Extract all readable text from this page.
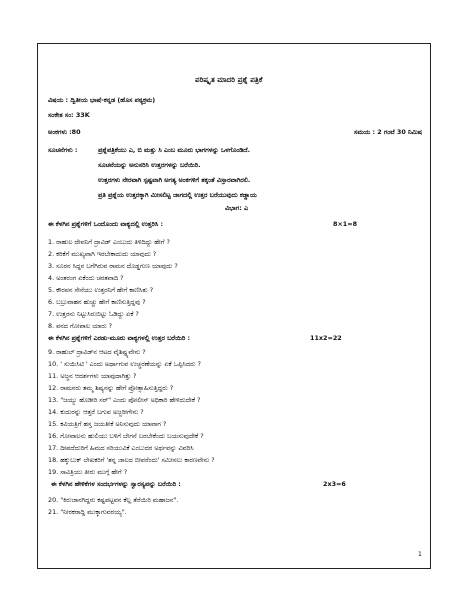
ಪರಿಷ್ಕೃತ ಮಾದರಿ ಪ್ರಶ್ನೆ ಪತ್ರಿಕೆ
ವಿಷಯ : ದ್ವಿತೀಯ ಭಾಷೆ-ಕನ್ನಡ (ಹೊಸ ಪಠ್ಯಕ್ರಮ)
ಸಂಕೇತ ಸಂ: 33K
ಅಂಕಗಳು :80	ಸಮಯ : 2 ಗಂಟೆ 30 ನಿಮಿಷ
ಸೂಚನೆಗಳು :	ಪ್ರಶ್ನೆಪತ್ರಿಕೆಯು ಎ, ಬಿ ಮತ್ತು ಸಿ ಎಂಬ ಮೂರು ಭಾಗಗಳನ್ನು ಒಳಗೊಂಡಿದೆ.
ಸೂಚನೆಯನ್ನು ಅನುಸರಿಸಿ ಉತ್ತರಗಳನ್ನು ಬರೆಯಿರಿ.
ಉತ್ತರಗಳು ನೇರವಾಗಿ ಸ್ಪಷ್ಟವಾಗಿ ಅಗತ್ಯ ಅಂಕಗಳಿಗೆ ತಕ್ಕಂತೆ ವಿಸ್ತಾರವಾಗಿರಲಿ.
ಪ್ರತಿ ಪ್ರಶ್ನೆಯ ಉತ್ತರಕ್ಕಾಗಿ ಮೀಸಲಿಟ್ಟ ಜಾಗದಲ್ಲಿ ಉತ್ತರ ಬರೆಯುವುದು ಕಡ್ಡಾಯ
ವಿಭಾಗ: ಎ
ಈ ಕೆಳಗಿನ ಪ್ರಶ್ನೆಗಳಿಗೆ ಒಂದೊಂದು ವಾಕ್ಯದಲ್ಲಿ ಉತ್ತರಿಸಿ :	8×1=8
1. ರಾಹುಲ ದೇವನಿಗೆ ದ್ರಾವಿಡ್ ಎಂಬುದು ತಿಳಿದಿದ್ದು ಹೇಗೆ ?
2. ಕರಿಕೆಗೆ ಮುಖ್ಯವಾಗಿ ಇರಬೇಕಾದುದು ಯಾವುದು ?
3. ಸೂರನ ಸಿದ್ಧನ ಬಗೆಗಿರುವ ರಾಮನ ದೊಡ್ಡಗುಣ ಯಾವುದು ?
4. ಅಂತರಂಗ ಏಕೆಂದು ಚರತವಾದಿ ?
5. ಕೌರವನ ಸೇನೆಯು ಉತ್ತರನಿಗೆ ಹೇಗೆ ಕಾಣಿಸಿತು ?
6. ಬಬ್ರುವಾಹನ ಹುಚ್ಚು ಹೇಗೆ ಕಾಣಿಸುತ್ತಿದ್ದವು ?
7. ಉತ್ತರನು ನಿಟ್ಟುಸಿರುಬಿಟ್ಟು ಓಡಿದ್ದು ಏಕೆ ?
8. ವನದ ಗೋಪಾಲ ಯಾರು ?
ಈ ಕೆಳಗಿನ ಪ್ರಶ್ನೆಗಳಿಗೆ ಎರಡು-ಮೂರು ವಾಕ್ಯಗಳಲ್ಲಿ ಉತ್ತರ ಬರೆಯಿರಿ :	11x2=22
9. ರಾಹುಲ್ ದ್ರಾವಿಡ್‌ನ ಆಟದ ವೈಶಿಷ್ಟ್ಯವೇನು ?
10. ' ಸುಯಿಸಿಟಿ ' ಎಂದು ಅರ್ಥಾಗುವ ಉಚ್ಚರಣೆಯನ್ನು ಏಕೆ ಒಪ್ಪಿಸಿದರು ?
11. ಅಜ್ಜನ ಆದರ್ಶಗಳು ಯಾವುದಾಗಿತ್ತು ?
12. ರಾಮನರು ತಮ್ಮ ಶಿಷ್ಯನನ್ನು ಹೇಗೆ ಪ್ರೋತ್ಸಾಹಿಸುತ್ತಿದ್ದರು ?
13. "ಜಯ್ಯು ಹೊಡೀರಿ ಸರ್" ಎಂದು ಪೋಲೀಸ್ ಅಧಿಕಾರಿ ಹೇಳಿದುದೇಕೆ ?
14. ಕುದುರನ್ನು ಆತ್ತರೆ ಬಗುವ ಅಜ್ಜರೀಗೇನು ?
15. ಕವಿಯತ್ರಿಗೆ ಹಸ್ತ ಜಯತೀಕೆ ಅನಿಸುವುದು ಯಾವಾಗ ?
16. ಗೋವಾಲನು ಹುಲಿಯು ಬಳಿಗೆ ಬೇಗನೆ ಬರಬೇಕೆಂದು ಬಯಸುವುದೇಕೆ ?
17. ದೀಪದೆದುರಿಗೆ ಹಿಮದ ಸರಿಯುವಿಕೆ ಎಂಬುದರ ಅರ್ಥವನ್ನು ವಿವರಿಸಿ
18. ಹಕ್ಕುಬುಕ್ ಲೇಖಕರಿಗೆ 'ತನ್ನ ಜಾಲದ ಬೀವರೆಂದು' ಸಮೀಸಲು ಕಾರಣವೇನು ?
19. ಸಾವಿತ್ರಿಯು ತೀರು ಮುಗ್ಗೆ ಹೇಗೆ ?
ಈ ಕೆಳಗಿನ ಹೇಳಿಕೆಗಳ ಸಂದರ್ಭಗಳನ್ನು ಸ್ವಾರಸ್ಯವನ್ನು ಬರೆಯಿರಿ :	2x3=6
20. "ಕಿರುಜಾನಗಿದ್ದರು ಕಷ್ಟಪಟ್ಟವನ ಕೆಲ್ಲ ತೆರೆಯಿರಿ ಮಹಾಜನ".
21. "ನೀರಕರಾದ್ದಿ ಮುಕ್ಕಾಗುವರಯ್ಯ".
1
